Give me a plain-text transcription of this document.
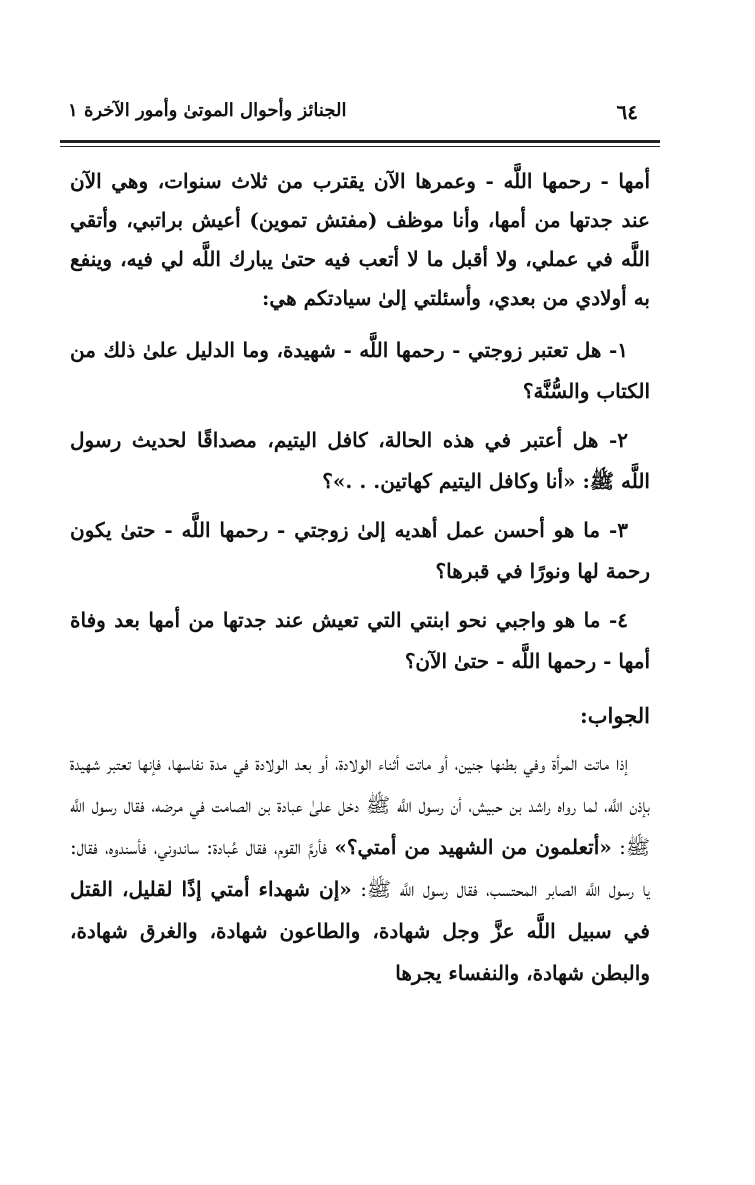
٦٤
الجنائز وأحوال الموتىٰ وأمور الآخرة ١

أمها - رحمها اللَّه - وعمرها الآن يقترب من ثلاث سنوات، وهي الآن عند جدتها من أمها، وأنا موظف (مفتش تموين) أعيش براتبي، وأتقي اللَّه في عملي، ولا أقبل ما لا أتعب فيه حتىٰ يبارك اللَّه لي فيه، وينفع به أولادي من بعدي، وأسئلتي إلىٰ سيادتكم هي:

١- هل تعتبر زوجتي - رحمها اللَّه - شهيدة، وما الدليل علىٰ ذلك من الكتاب والسُّنَّة؟

٢- هل أعتبر في هذه الحالة، كافل اليتيم، مصداقًا لحديث رسول اللَّه ﷺ: «أنا وكافل اليتيم كهاتين. . .»؟

٣- ما هو أحسن عمل أهديه إلىٰ زوجتي - رحمها اللَّه - حتىٰ يكون رحمة لها ونورًا في قبرها؟

٤- ما هو واجبي نحو ابنتي التي تعيش عند جدتها من أمها بعد وفاة أمها - رحمها اللَّه - حتىٰ الآن؟

الجواب:

إذا ماتت المرأة وفي بطنها جنين، أو ماتت أثناء الولادة، أو بعد الولادة في مدة نفاسها، فإنها تعتبر شهيدة بإذن اللَّه، لما رواه راشد بن حبيش، أن رسول اللَّه ﷺ دخل علىٰ عبادة بن الصامت في مرضه، فقال رسول اللَّه ﷺ: «أتعلمون من الشهيد من أمتي؟» فأرمَّ القوم، فقال عُبادة: ساندوني، فأسندوه، فقال: يا رسول اللَّه الصابر المحتسب، فقال رسول اللَّه ﷺ: «إن شهداء أمتي إذًا لقليل، القتل في سبيل اللَّه عزَّ وجل شهادة، والطاعون شهادة، والغرق شهادة، والبطن شهادة، والنفساء يجرها
